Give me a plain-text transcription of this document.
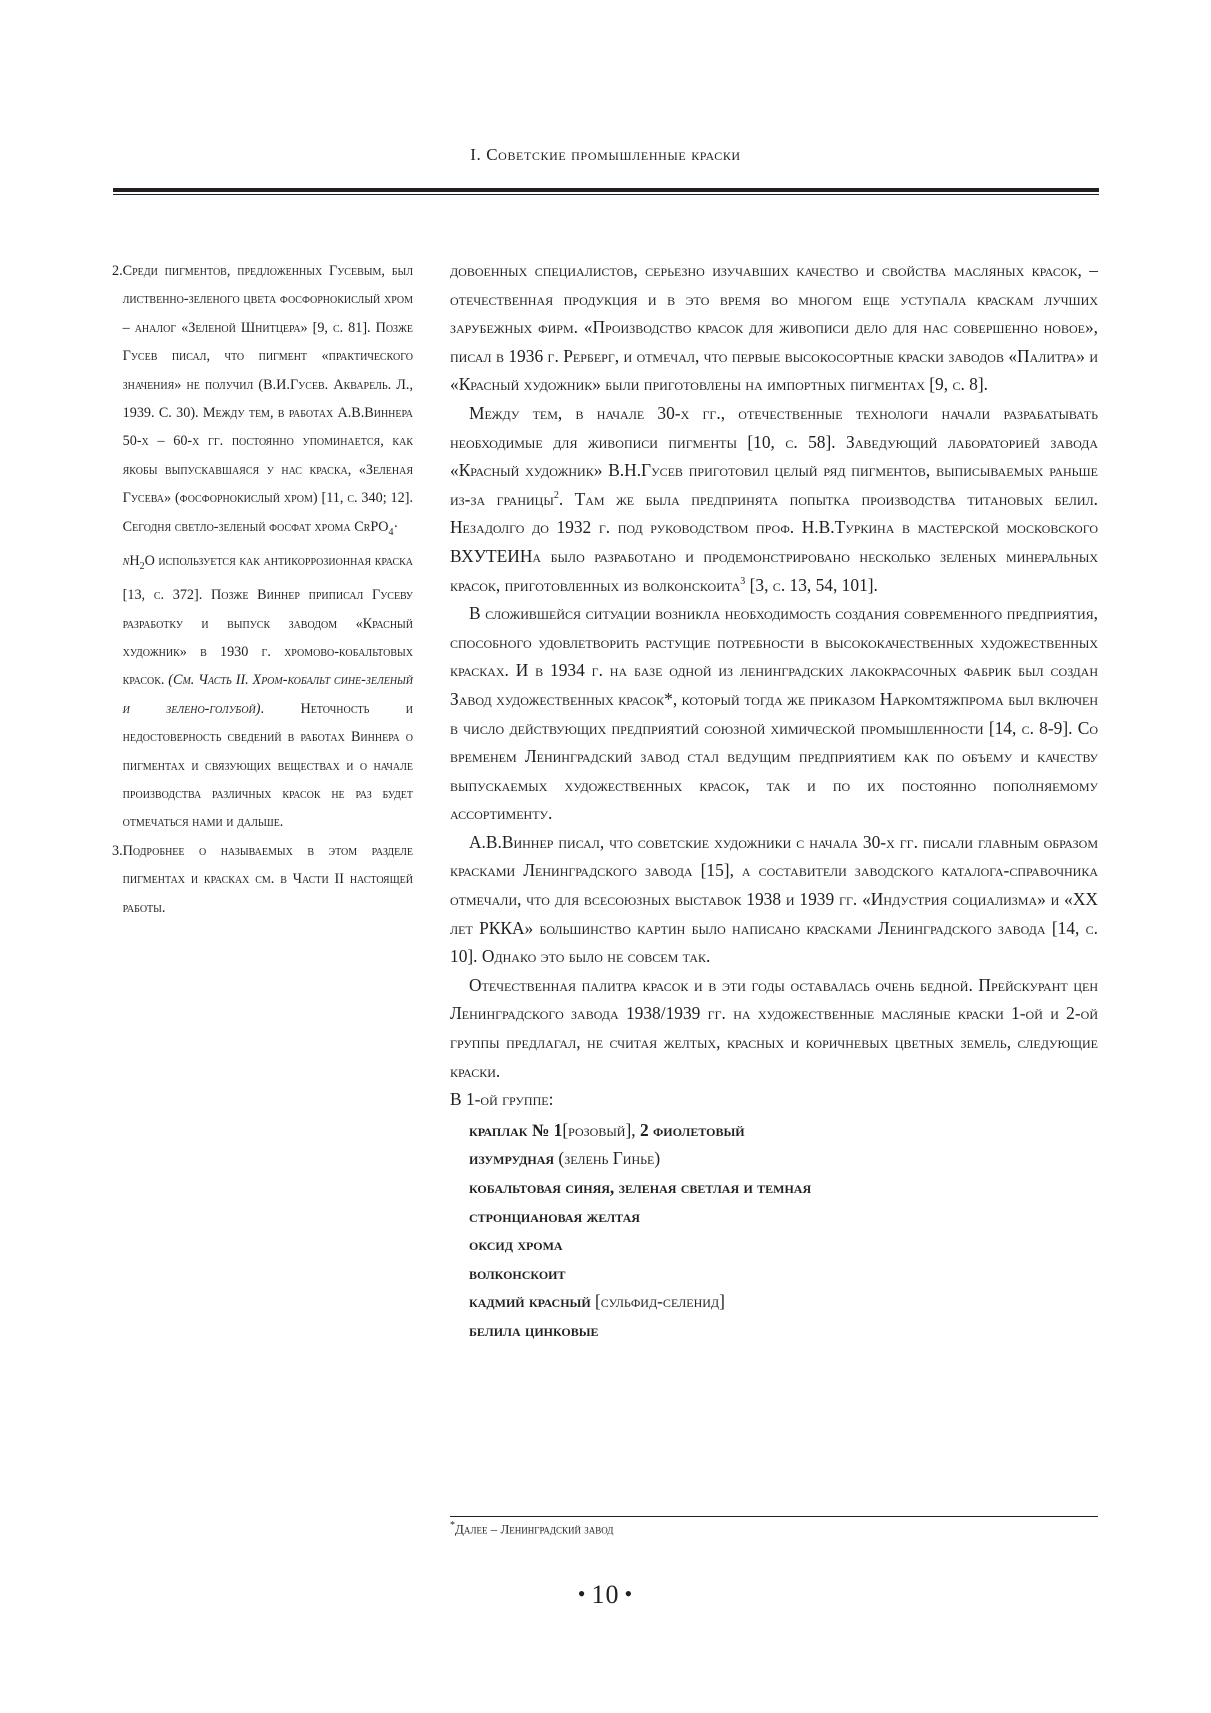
I. Советские промышленные краски

2. Среди пигментов, предложенных Гусевым, был лиственно-зеленого цвета фосфорнокислый хром – аналог «Зеленой Шнитцера» [9, с. 81]. Позже Гусев писал, что пигмент «практического значения» не получил (В.И.Гусев. Акварель. Л., 1939. С. 30). Между тем, в работах А.В.Виннера 50-х – 60-х гг. постоянно упоминается, как якобы выпускавшаяся у нас краска, «Зеленая Гусева» (фосфорнокислый хром) [11, с. 340; 12]. Сегодня светло-зеленый фосфат хрома CrPO$_4$·
$nH_2O$ используется как антикоррозионная краска [13, с. 372]. Позже Виннер приписал Гусеву разработку и выпуск заводом «Красный художник» в 1930 г. хромово-кобальтовых красок. (См. Часть II. Хром-кобальт сине-зеленый и зелено-голубой). Неточность и недостоверность сведений в работах Виннера о пигментах и связующих веществах и о начале производства различных красок не раз будет отмечаться нами и дальше.

3. Подробнее о называемых в этом разделе пигментах и красках см. в Части II настоящей работы.

довоенных специалистов, серьезно изучавших качество и свойства масляных красок, – отечественная продукция и в это время во многом еще уступала краскам лучших зарубежных фирм. «Производство красок для живописи дело для нас совершенно новое», писал в 1936 г. Рерберг, и отмечал, что первые высокосортные краски заводов «Палитра» и «Красный художник» были приготовлены на импортных пигментах [9, с. 8].

Между тем, в начале 30-х гг., отечественные технологи начали разрабатывать необходимые для живописи пигменты [10, с. 58]. Заведующий лабораторией завода «Красный художник» В.Н.Гусев приготовил целый ряд пигментов, выписываемых раньше из-за границы$^2$. Там же была предпринята попытка производства титановых белил. Незадолго до 1932 г. под руководством проф. Н.В.Туркина в мастерской московского ВХУТЕИНа было разработано и продемонстрировано несколько зеленых минеральных красок, приготовленных из волконскоита$^3$ [3, с. 13, 54, 101].

В сложившейся ситуации возникла необходимость создания современного предприятия, способного удовлетворить растущие потребности в высококачественных художественных красках. И в 1934 г. на базе одной из ленинградских лакокрасочных фабрик был создан Завод художественных красок*, который тогда же приказом Наркомтяжпрома был включен в число действующих предприятий союзной химической промышленности [14, с. 8-9]. Со временем Ленинградский завод стал ведущим предприятием как по объему и качеству выпускаемых художественных красок, так и по их постоянно пополняемому ассортименту.

А.В.Виннер писал, что советские художники с начала 30-х гг. писали главным образом красками Ленинградского завода [15], а составители заводского каталога-справочника отмечали, что для всесоюзных выставок 1938 и 1939 гг. «Индустрия социализма» и «XX лет РККА» большинство картин было написано красками Ленинградского завода [14, с. 10]. Однако это было не совсем так.

Отечественная палитра красок и в эти годы оставалась очень бедной. Прейскурант цен Ленинградского завода 1938/1939 гг. на художественные масляные краски 1-ой и 2-ой группы предлагал, не считая желтых, красных и коричневых цветных земель, следующие краски.

В 1-ой группе:

краплак № 1[розовый], 2 фиолетовый
изумрудная (зелень Гинье)
кобальтовая синяя, зеленая светлая и темная
стронциановая желтая
оксид хрома
волконскоит
кадмий красный [сульфид-селенид]
белила цинковые
*Далее – Ленинградский завод
• 10 •
